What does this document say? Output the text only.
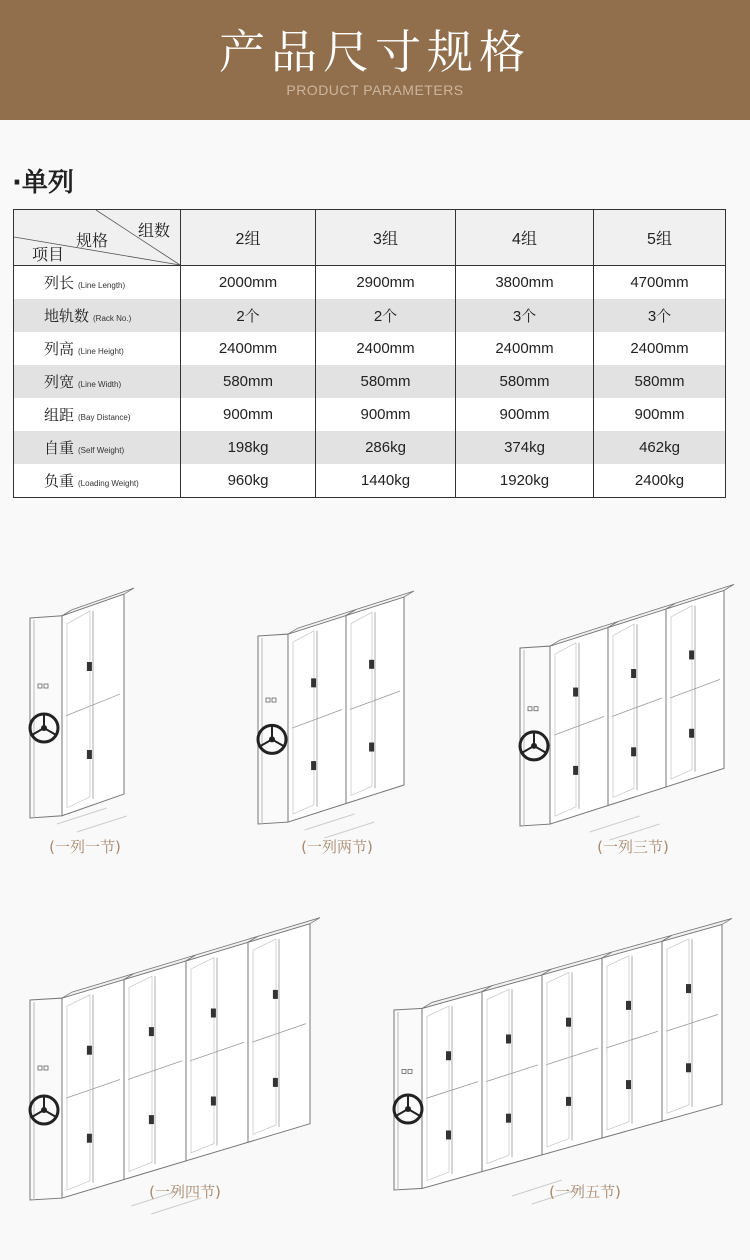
产品尺寸规格
PRODUCT PARAMETERS
·单列
组数
规格
项目	2组	3组	4组	5组
列长 (Line Length)	2000mm	2900mm	3800mm	4700mm
地轨数 (Rack No.)	2个	2个	3个	3个
列高 (Line Height)	2400mm	2400mm	2400mm	2400mm
列宽 (Line Width)	580mm	580mm	580mm	580mm
组距 (Bay Distance)	900mm	900mm	900mm	900mm
自重 (Self Weight)	198kg	286kg	374kg	462kg
负重 (Loading Weight)	960kg	1440kg	1920kg	2400kg
(一列一节)	(一列两节)	(一列三节)
(一列四节)	(一列五节)
